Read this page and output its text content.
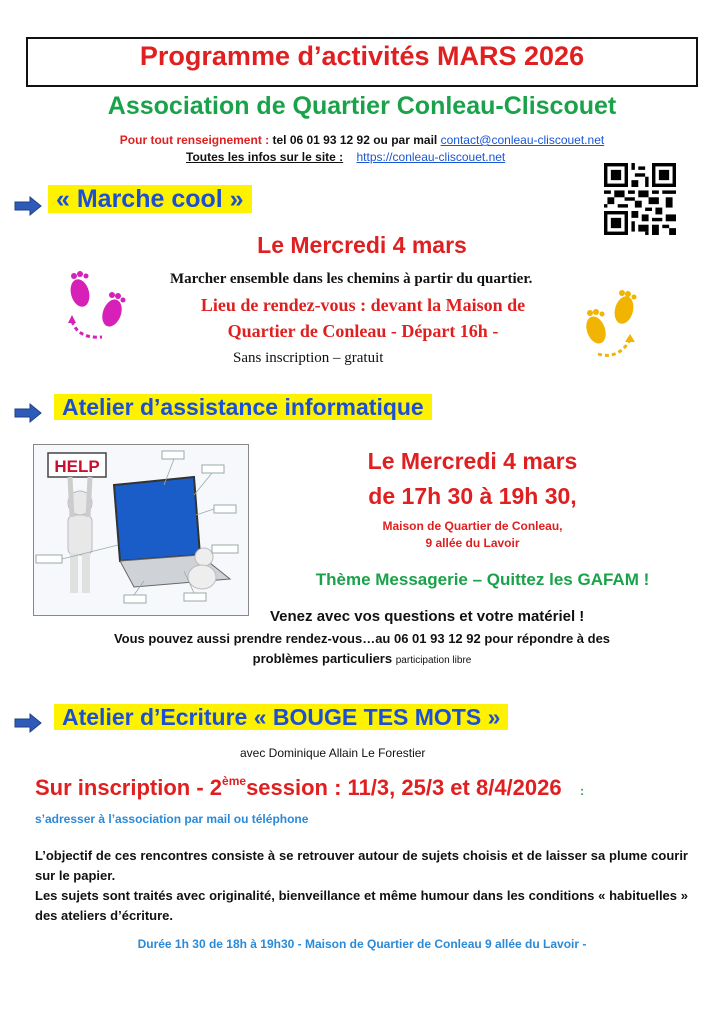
Programme d’activités MARS 2026
Association de Quartier Conleau-Cliscouet
Pour tout renseignement : tel 06 01 93 12 92 ou par mail contact@conleau-cliscouet.net
Toutes les infos sur le site : https://conleau-cliscouet.net
« Marche cool »
Le Mercredi 4 mars
Marcher ensemble dans les chemins à partir du quartier.
Lieu de rendez-vous : devant la Maison de
Quartier de Conleau - Départ 16h -
Sans inscription – gratuit
Atelier d’assistance informatique
HELP	Le Mercredi 4 mars
de 17h 30 à 19h 30,
Maison de Quartier de Conleau,
9 allée du Lavoir
Thème Messagerie – Quittez les GAFAM !
Venez avec vos questions et votre matériel !
Vous pouvez aussi prendre rendez-vous…au 06 01 93 12 92 pour répondre à des
problèmes particuliers participation libre
Atelier d’Ecriture « BOUGE TES MOTS »
avec Dominique Allain Le Forestier
Sur inscription - 2èmesession : 11/3, 25/3 et 8/4/2026 :
s’adresser à l’association par mail ou téléphone
L’objectif de ces rencontres consiste à se retrouver autour de sujets choisis et de laisser sa plume courir sur le papier.
Les sujets sont traités avec originalité, bienveillance et même humour dans les conditions « habituelles » des ateliers d’écriture.
Durée 1h 30 de 18h à 19h30 - Maison de Quartier de Conleau 9 allée du Lavoir -
